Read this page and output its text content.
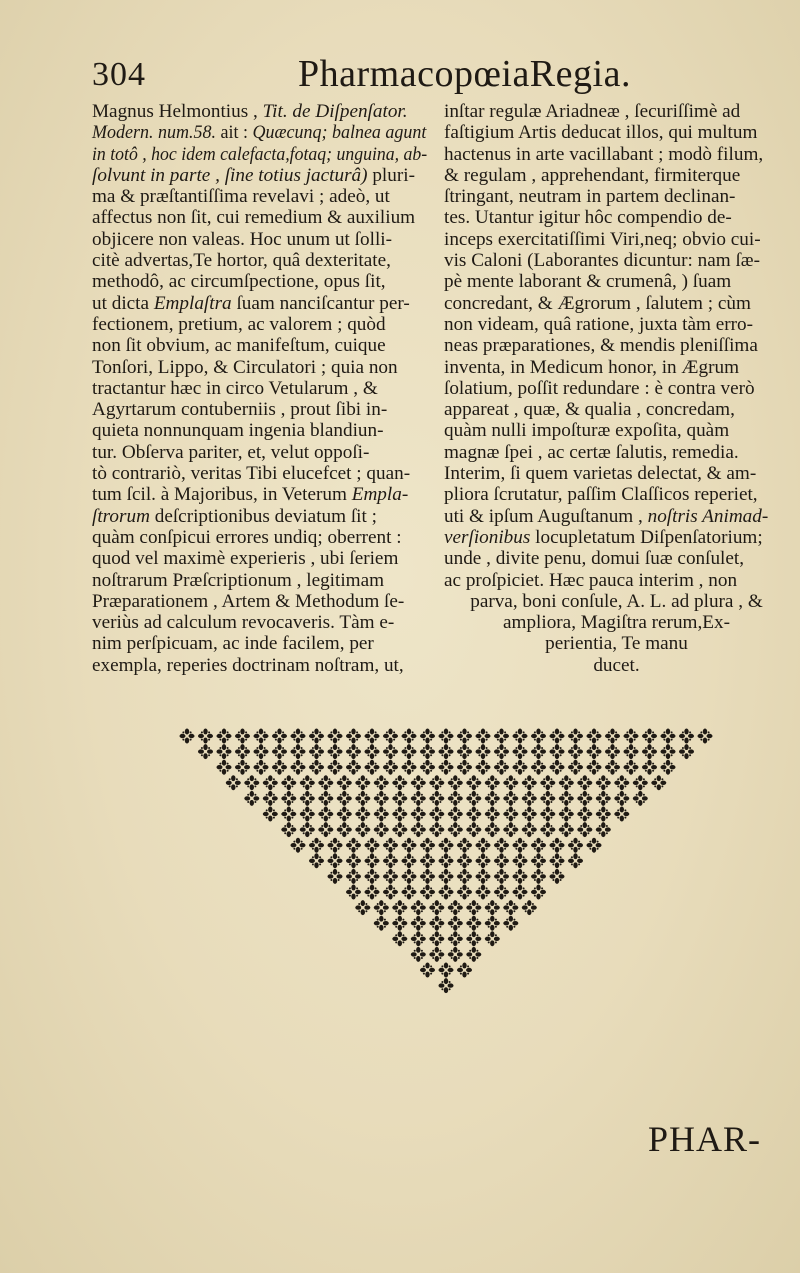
304	PharmacopœiaRegia.
Magnus Helmontius , Tit. de Diſpenſator.
Modern. num.58. ait : Quæcunq; balnea agunt
in totô , hoc idem calefacta,fotaq; unguina, ab-
ſolvunt in parte , ſine totius jacturâ) pluri-
ma & præſtantiſſima revelavi ; adeò, ut
affectus non ſit, cui remedium & auxilium
objicere non valeas. Hoc unum ut ſolli-
citè advertas,Te hortor, quâ dexteritate,
methodô, ac circumſpectione, opus ſit,
ut dicta Emplaſtra ſuam nanciſcantur per-
fectionem, pretium, ac valorem ; quòd
non ſit obvium, ac manifeſtum, cuique
Tonſori, Lippo, & Circulatori ; quia non
tractantur hæc in circo Vetularum , &
Agyrtarum contuberniis , prout ſibi in-
quieta nonnunquam ingenia blandiun-
tur. Obſerva pariter, et, velut oppoſi-
tò contrariò, veritas Tibi elucefcet ; quan-
tum ſcil. à Majoribus, in Veterum Empla-
ſtrorum deſcriptionibus deviatum ſit ;
quàm conſpicui errores undiq; oberrent :
quod vel maximè experieris , ubi ſeriem
noſtrarum Præſcriptionum , legitimam
Præparationem , Artem & Methodum ſe-
veriùs ad calculum revocaveris. Tàm e-
nim perſpicuam, ac inde facilem, per
exempla, reperies doctrinam noſtram, ut,
inſtar regulæ Ariadneæ , ſecuriſſimè ad
faſtigium Artis deducat illos, qui multum
hactenus in arte vacillabant ; modò filum,
& regulam , apprehendant, firmiterque
ſtringant, neutram in partem declinan-
tes. Utantur igitur hôc compendio de-
inceps exercitatiſſimi Viri,neq; obvio cui-
vis Caloni (Laborantes dicuntur: nam ſæ-
pè mente laborant & crumenâ, ) ſuam
concredant, & Ægrorum , ſalutem ; cùm
non videam, quâ ratione, juxta tàm erro-
neas præparationes, & mendis pleniſſima
inventa, in Medicum honor, in Ægrum
ſolatium, poſſit redundare : è contra verò
appareat , quæ, & qualia , concredam,
quàm nulli impoſturæ expoſita, quàm
magnæ ſpei , ac certæ ſalutis, remedia.
Interim, ſi quem varietas delectat, & am-
pliora ſcrutatur, paſſim Claſſicos reperiet,
uti & ipſum Auguſtanum , noſtris Animad-
verſionibus locupletatum Diſpenſatorium;
unde , divite penu, domui ſuæ conſulet,
ac proſpiciet. Hæc pauca interim , non
parva, boni conſule, A. L. ad plura , &
ampliora, Magiſtra rerum,Ex-
perientia, Te manu
ducet.
PHAR-
